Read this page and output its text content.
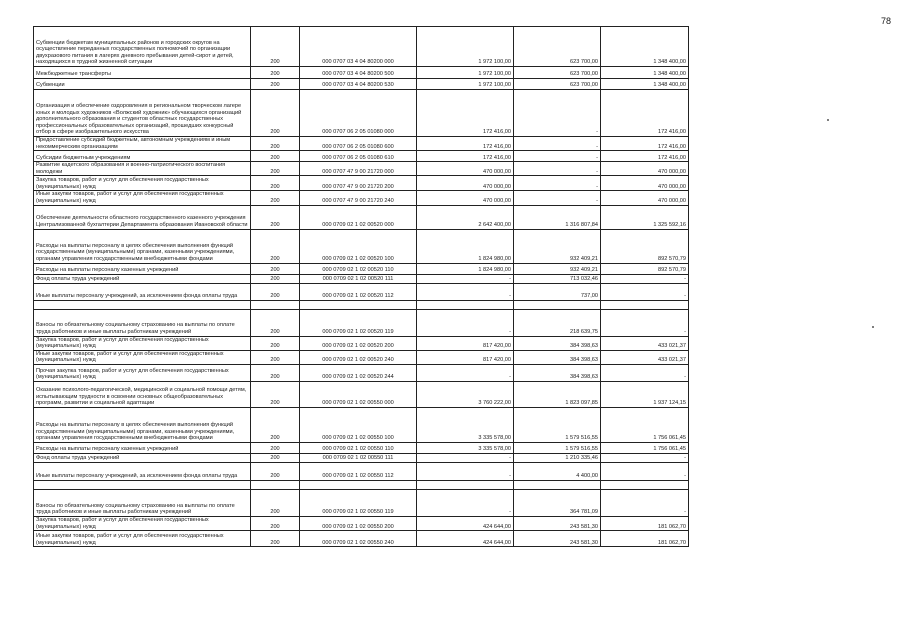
78
Субвенции бюджетам муниципальных районов и городских округов на осуществление переданных государственных полномочий по организации двухразового питания в лагерях дневного пребывания детей-сирот и детей, находящихся в трудной жизненной ситуации	200	000 0707 03 4 04 80200 000	1 972 100,00	623 700,00	1 348 400,00
Межбюджетные трансферты	200	000 0707 03 4 04 80200 500	1 972 100,00	623 700,00	1 348 400,00
Субвенции	200	000 0707 03 4 04 80200 530	1 972 100,00	623 700,00	1 348 400,00
Организация и обеспечение оздоровления в региональном творческом лагере юных и молодых художников «Волжский художник» обучающихся организаций дополнительного образования и студентов областных государственных профессиональных образовательных организаций, прошедших конкурсный отбор в сфере изобразительного искусства	200	000 0707 06 2 05 01080 000	172 416,00	-	172 416,00
Предоставление субсидий бюджетным, автономным учреждениям и иным некоммерческим организациям	200	000 0707 06 2 05 01080 600	172 416,00	-	172 416,00
Субсидии бюджетным учреждениям	200	000 0707 06 2 05 01080 610	172 416,00	-	172 416,00
Развитие кадетского образования и военно-патриотического воспитания молодежи	200	000 0707 47 9 00 21720 000	470 000,00	-	470 000,00
Закупка товаров, работ и услуг для обеспечения государственных (муниципальных) нужд	200	000 0707 47 9 00 21720 200	470 000,00	-	470 000,00
Иные закупки товаров, работ и услуг для обеспечения государственных (муниципальных) нужд	200	000 0707 47 9 00 21720 240	470 000,00	-	470 000,00
Обеспечение деятельности областного государственного казенного учреждения Централизованной бухгалтерии Департамента образования Ивановской области	200	000 0709 02 1 02 00520 000	2 642 400,00	1 316 807,84	1 325 592,16
Расходы на выплаты персоналу в целях обеспечения выполнения функций государственными (муниципальными) органами, казенными учреждениями, органами управления государственными внебюджетными фондами	200	000 0709 02 1 02 00520 100	1 824 980,00	932 409,21	892 570,79
Расходы на выплаты персоналу казенных учреждений	200	000 0709 02 1 02 00520 110	1 824 980,00	932 409,21	892 570,79
Фонд оплаты труда учреждений	200	000 0709 02 1 02 00520 111	-	713 032,46	-
Иные выплаты персоналу учреждений, за исключением фонда оплаты труда	200	000 0709 02 1 02 00520 112	-	737,00	-

Взносы по обязательному социальному страхованию на выплаты по оплате труда работников и иные выплаты работникам учреждений	200	000 0709 02 1 02 00520 119	-	218 639,75	-
Закупка товаров, работ и услуг для обеспечения государственных (муниципальных) нужд	200	000 0709 02 1 02 00520 200	817 420,00	384 398,63	433 021,37
Иные закупки товаров, работ и услуг для обеспечения государственных (муниципальных) нужд	200	000 0709 02 1 02 00520 240	817 420,00	384 398,63	433 021,37
Прочая закупка товаров, работ и услуг для обеспечения государственных (муниципальных) нужд	200	000 0709 02 1 02 00520 244	-	384 398,63	-
Оказание психолого-педагогической, медицинской и социальной помощи детям, испытывающим трудности в освоении основных общеобразовательных программ, развитии и социальной адаптации	200	000 0709 02 1 02 00550 000	3 760 222,00	1 823 097,85	1 937 124,15
Расходы на выплаты персоналу в целях обеспечения выполнения функций государственными (муниципальными) органами, казенными учреждениями, органами управления государственными внебюджетными фондами	200	000 0709 02 1 02 00550 100	3 335 578,00	1 579 516,55	1 756 061,45
Расходы на выплаты персоналу казенных учреждений	200	000 0709 02 1 02 00550 110	3 335 578,00	1 579 516,55	1 756 061,45
Фонд оплаты труда учреждений	200	000 0709 02 1 02 00550 111	-	1 210 335,46	-
Иные выплаты персоналу учреждений, за исключением фонда оплаты труда	200	000 0709 02 1 02 00550 112	-	4 400,00	-

Взносы по обязательному социальному страхованию на выплаты по оплате труда работников и иные выплаты работникам учреждений	200	000 0709 02 1 02 00550 119	-	364 781,09	-
Закупка товаров, работ и услуг для обеспечения государственных (муниципальных) нужд	200	000 0709 02 1 02 00550 200	424 644,00	243 581,30	181 062,70
Иные закупки товаров, работ и услуг для обеспечения государственных (муниципальных) нужд	200	000 0709 02 1 02 00550 240	424 644,00	243 581,30	181 062,70
